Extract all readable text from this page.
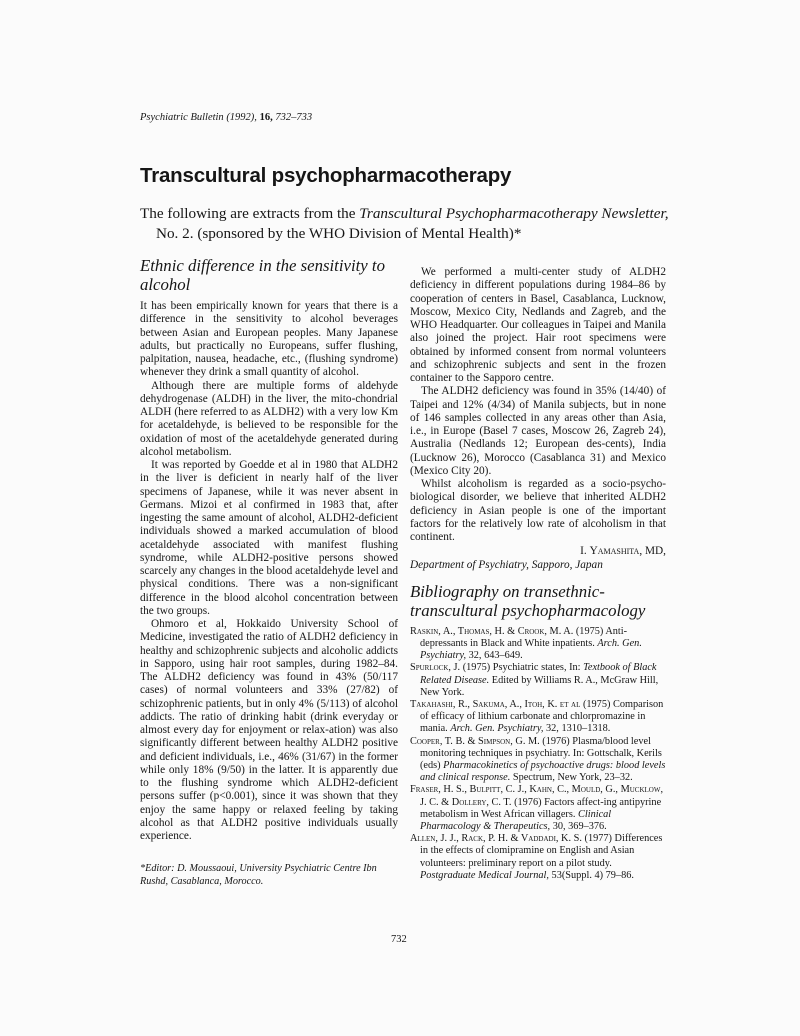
Psychiatric Bulletin (1992), 16, 732–733
Transcultural psychopharmacotherapy
The following are extracts from the Transcultural Psychopharmacotherapy Newsletter,
No. 2. (sponsored by the WHO Division of Mental Health)*
Ethnic difference in the sensitivity to alcohol

It has been empirically known for years that there is a difference in the sensitivity to alcohol beverages between Asian and European peoples. Many Japanese adults, but practically no Europeans, suffer flushing, palpitation, nausea, headache, etc., (flushing syndrome) whenever they drink a small quantity of alcohol.

Although there are multiple forms of aldehyde dehydrogenase (ALDH) in the liver, the mito-chondrial ALDH (here referred to as ALDH2) with a very low Km for acetaldehyde, is believed to be responsible for the oxidation of most of the acetaldehyde generated during alcohol metabolism.

It was reported by Goedde et al in 1980 that ALDH2 in the liver is deficient in nearly half of the liver specimens of Japanese, while it was never absent in Germans. Mizoi et al confirmed in 1983 that, after ingesting the same amount of alcohol, ALDH2-deficient individuals showed a marked accumulation of blood acetaldehyde associated with manifest flushing syndrome, while ALDH2-positive persons showed scarcely any changes in the blood acetaldehyde level and physical conditions. There was a non-significant difference in the blood alcohol concentration between the two groups.

Ohmoro et al, Hokkaido University School of Medicine, investigated the ratio of ALDH2 deficiency in healthy and schizophrenic subjects and alcoholic addicts in Sapporo, using hair root samples, during 1982–84. The ALDH2 deficiency was found in 43% (50/117 cases) of normal volunteers and 33% (27/82) of schizophrenic patients, but in only 4% (5/113) of alcohol addicts. The ratio of drinking habit (drink everyday or almost every day for enjoyment or relax-ation) was also significantly different between healthy ALDH2 positive and deficient individuals, i.e., 46% (31/67) in the former while only 18% (9/50) in the latter. It is apparently due to the flushing syndrome which ALDH2-deficient persons suffer (p<0.001), since it was shown that they enjoy the same happy or relaxed feeling by taking alcohol as that ALDH2 positive individuals usually experience.

*Editor: D. Moussaoui, University Psychiatric Centre Ibn Rushd, Casablanca, Morocco.

We performed a multi-center study of ALDH2 deficiency in different populations during 1984–86 by cooperation of centers in Basel, Casablanca, Lucknow, Moscow, Mexico City, Nedlands and Zagreb, and the WHO Headquarter. Our colleagues in Taipei and Manila also joined the project. Hair root specimens were obtained by informed consent from normal volunteers and schizophrenic subjects and sent in the frozen container to the Sapporo centre.

The ALDH2 deficiency was found in 35% (14/40) of Taipei and 12% (4/34) of Manila subjects, but in none of 146 samples collected in any areas other than Asia, i.e., in Europe (Basel 7 cases, Moscow 26, Zagreb 24), Australia (Nedlands 12; European des-cents), India (Lucknow 26), Morocco (Casablanca 31) and Mexico (Mexico City 20).

Whilst alcoholism is regarded as a socio-psycho-biological disorder, we believe that inherited ALDH2 deficiency in Asian people is one of the important factors for the relatively low rate of alcoholism in that continent.

I. Yamashita, MD,
Department of Psychiatry, Sapporo, Japan
Bibliography on transethnic-transcultural psychopharmacology
Raskin, A., Thomas, H. & Crook, M. A. (1975) Anti-depressants in Black and White inpatients. Arch. Gen. Psychiatry, 32, 643–649.
Spurlock, J. (1975) Psychiatric states, In: Textbook of Black Related Disease. Edited by Williams R. A., McGraw Hill, New York.
Takahashi, R., Sakuma, A., Itoh, K. et al (1975) Comparison of efficacy of lithium carbonate and chlorpromazine in mania. Arch. Gen. Psychiatry, 32, 1310–1318.
Cooper, T. B. & Simpson, G. M. (1976) Plasma/blood level monitoring techniques in psychiatry. In: Gottschalk, Kerils (eds) Pharmacokinetics of psychoactive drugs: blood levels and clinical response. Spectrum, New York, 23–32.
Fraser, H. S., Bulpitt, C. J., Kahn, C., Mould, G., Mucklow, J. C. & Dollery, C. T. (1976) Factors affect-ing antipyrine metabolism in West African villagers. Clinical Pharmacology & Therapeutics, 30, 369–376.
Allen, J. J., Rack, P. H. & Vaddadi, K. S. (1977) Differences in the effects of clomipramine on English and Asian volunteers: preliminary report on a pilot study. Postgraduate Medical Journal, 53(Suppl. 4) 79–86.
732
